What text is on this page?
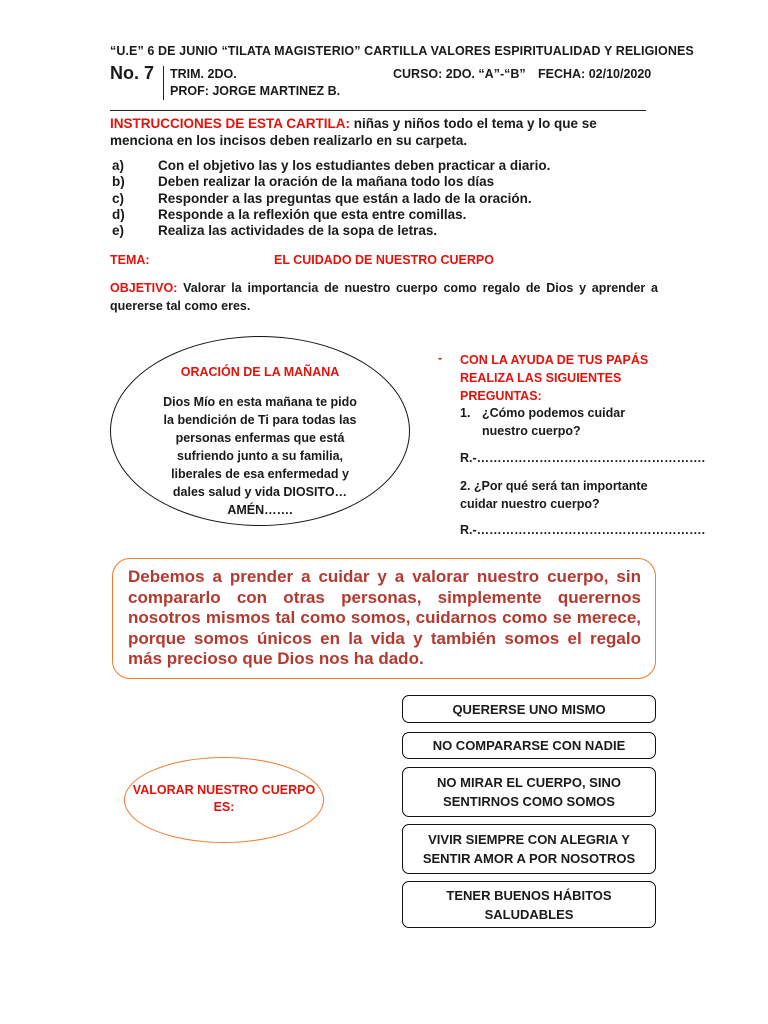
“U.E” 6 DE JUNIO “TILATA MAGISTERIO” CARTILLA VALORES ESPIRITUALIDAD Y RELIGIONES
No. 7 TRIM. 2DO.
PROF: JORGE MARTINEZ B.
CURSO: 2DO. “A”-“B” FECHA: 02/10/2020
INSTRUCCIONES DE ESTA CARTILA: niñas y niños todo el tema y lo que se menciona en los incisos deben realizarlo en su carpeta.
a)	Con el objetivo las y los estudiantes deben practicar a diario.
b)	Deben realizar la oración de la mañana todo los días
c)	Responder a las preguntas que están a lado de la oración.
d)	Responde a la reflexión que esta entre comillas.
e)	Realiza las actividades de la sopa de letras.
TEMA:	EL CUIDADO DE NUESTRO CUERPO
OBJETIVO: Valorar la importancia de nuestro cuerpo como regalo de Dios y aprender a quererse tal como eres.
ORACIÓN DE LA MAÑANA
Dios Mío en esta mañana te pido la bendición de Ti para todas las personas enfermas que está sufriendo junto a su familia, liberales de esa enfermedad y dales salud y vida DIOSITO…AMÉN…….
- CON LA AYUDA DE TUS PAPÁS REALIZA LAS SIGUIENTES PREGUNTAS:
1. ¿Cómo podemos cuidar nuestro cuerpo?
R.-……………………………………………….
2. ¿Por qué será tan importante cuidar nuestro cuerpo?
R.-……………………………………………….
Debemos a prender a cuidar y a valorar nuestro cuerpo, sin compararlo con otras personas, simplemente querernos nosotros mismos tal como somos, cuidarnos como se merece, porque somos únicos en la vida y también somos el regalo más precioso que Dios nos ha dado.
VALORAR NUESTRO CUERPO ES:
QUERERSE UNO MISMO
NO COMPARARSE CON NADIE
NO MIRAR EL CUERPO, SINO SENTIRNOS COMO SOMOS
VIVIR SIEMPRE CON ALEGRIA Y SENTIR AMOR A POR NOSOTROS
TENER BUENOS HÁBITOS SALUDABLES
